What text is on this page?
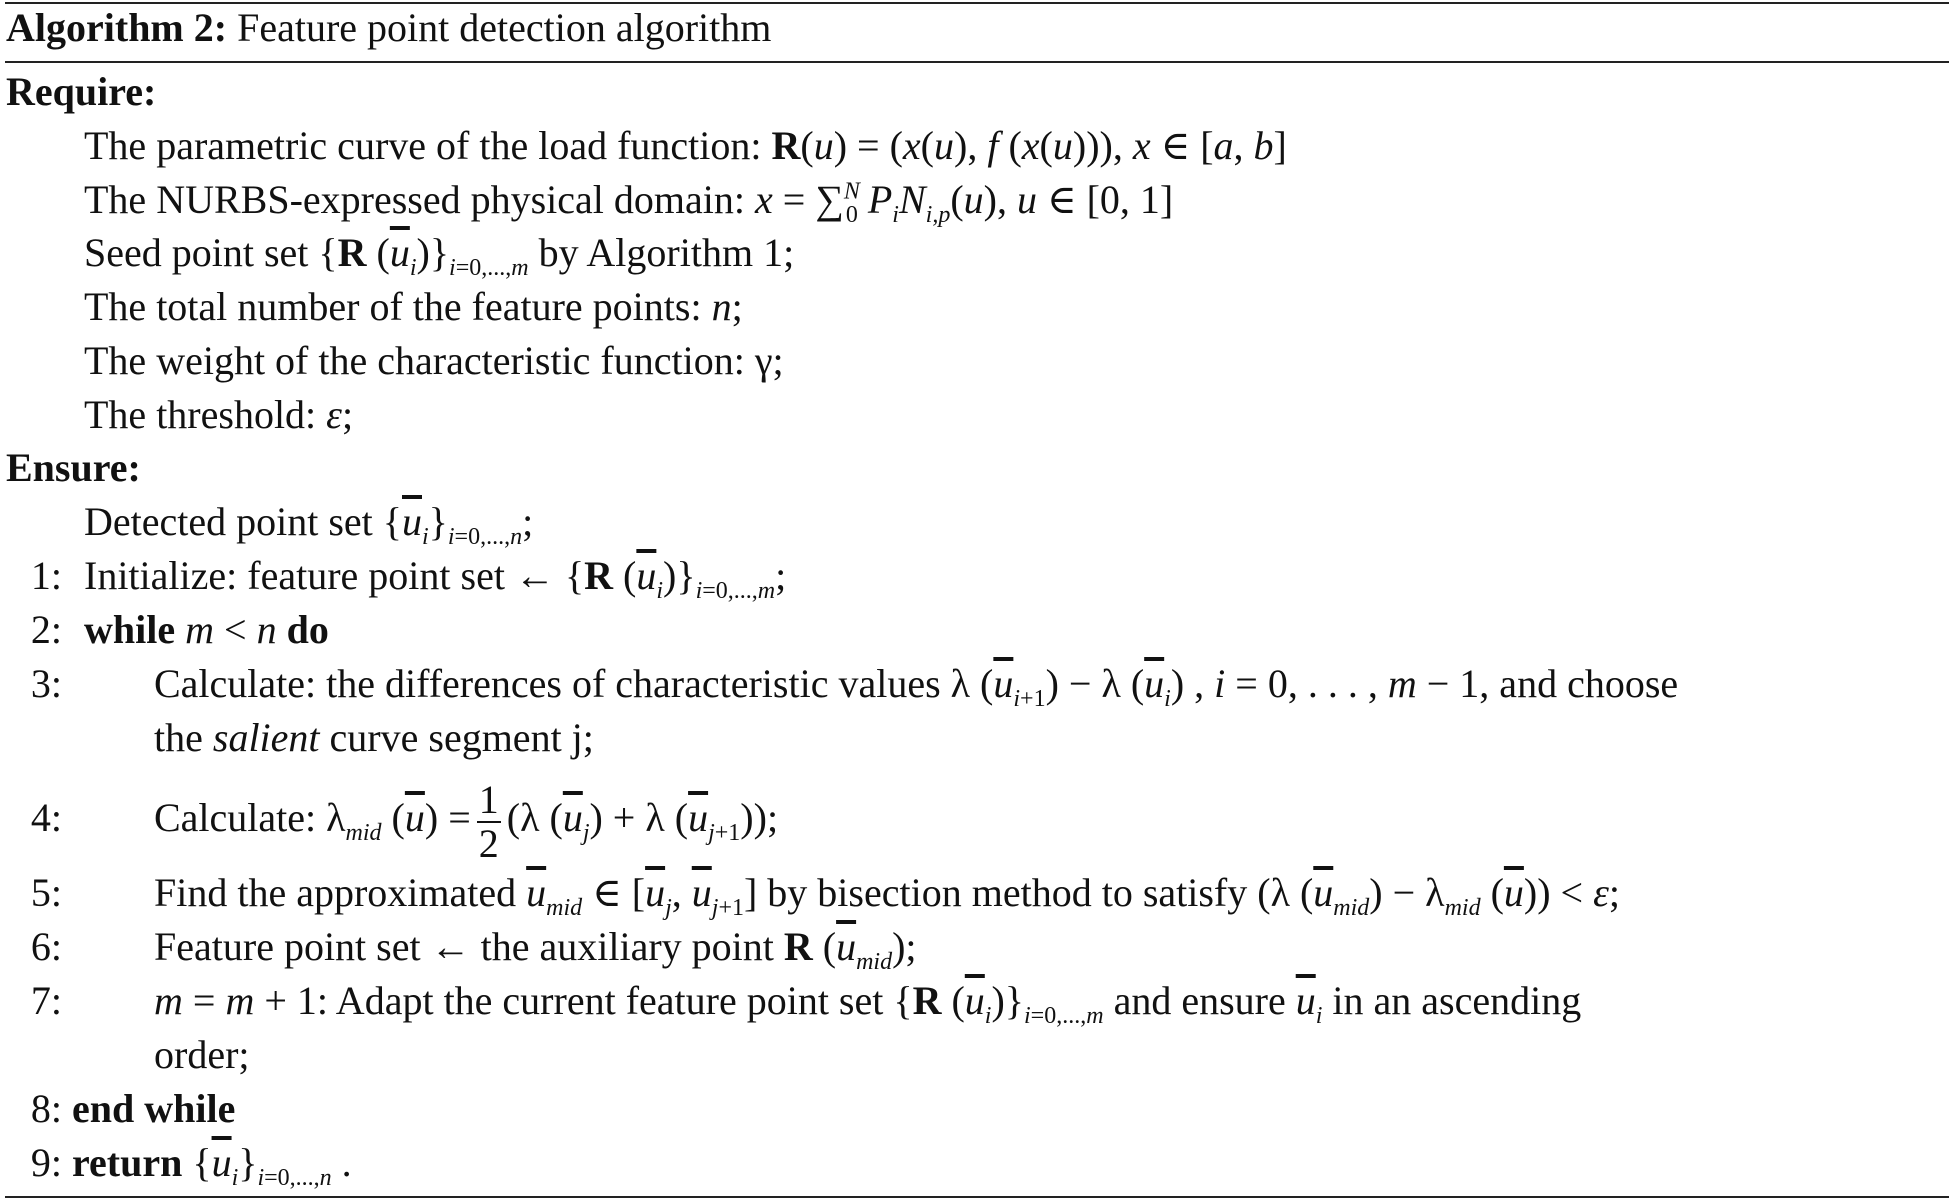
Algorithm 2: Feature point detection algorithm
Require:
The parametric curve of the load function: R(u) = (x(u), f (x(u))), x ∈ [a, b]
The NURBS-expressed physical domain: x = ∑$^N_0$ $P_iN_{i,p}(u)$, u ∈ [0, 1]
Seed point set {R $(\overline{u}_i)\}_{i=0,...,m}$ by Algorithm 1;
The total number of the feature points: n;
The weight of the characteristic function: γ;
The threshold: ε;
Ensure:
Detected point set $\{\overline{u}_i\}_{i=0,...,n}$;
1: Initialize: feature point set ← {R $(\overline{u}_i)\}_{i=0,...,m}$;
2: while m < n do
3: Calculate: the differences of characteristic values λ $(\overline{u}_{i+1}) - \lambda$ $(\overline{u}_i)$ , i = 0, . . . , m − 1, and choose
the salient curve segment j;
4: Calculate: $\lambda_{mid}$ $(\overline{u}) = \frac{1}{2} (\lambda$ $(\overline{u}_j) + \lambda$ $(\overline{u}_{j+1})$);
5: Find the approximated $\overline{u}_{mid}$ ∈ [$\overline{u}_j$, $\overline{u}_{j+1}$] by bisection method to satisfy (λ $(\overline{u}_{mid}) - \lambda_{mid}$ $(\overline{u})) < \varepsilon$;
6: Feature point set ← the auxiliary point R $(\overline{u}_{mid})$;
7: m = m + 1: Adapt the current feature point set {R $(\overline{u}_i)\}_{i=0,...,m}$ and ensure $\overline{u}_i$ in an ascending
order;
8: end while
9: return $\{\overline{u}_i\}_{i=0,...,n}$ .
